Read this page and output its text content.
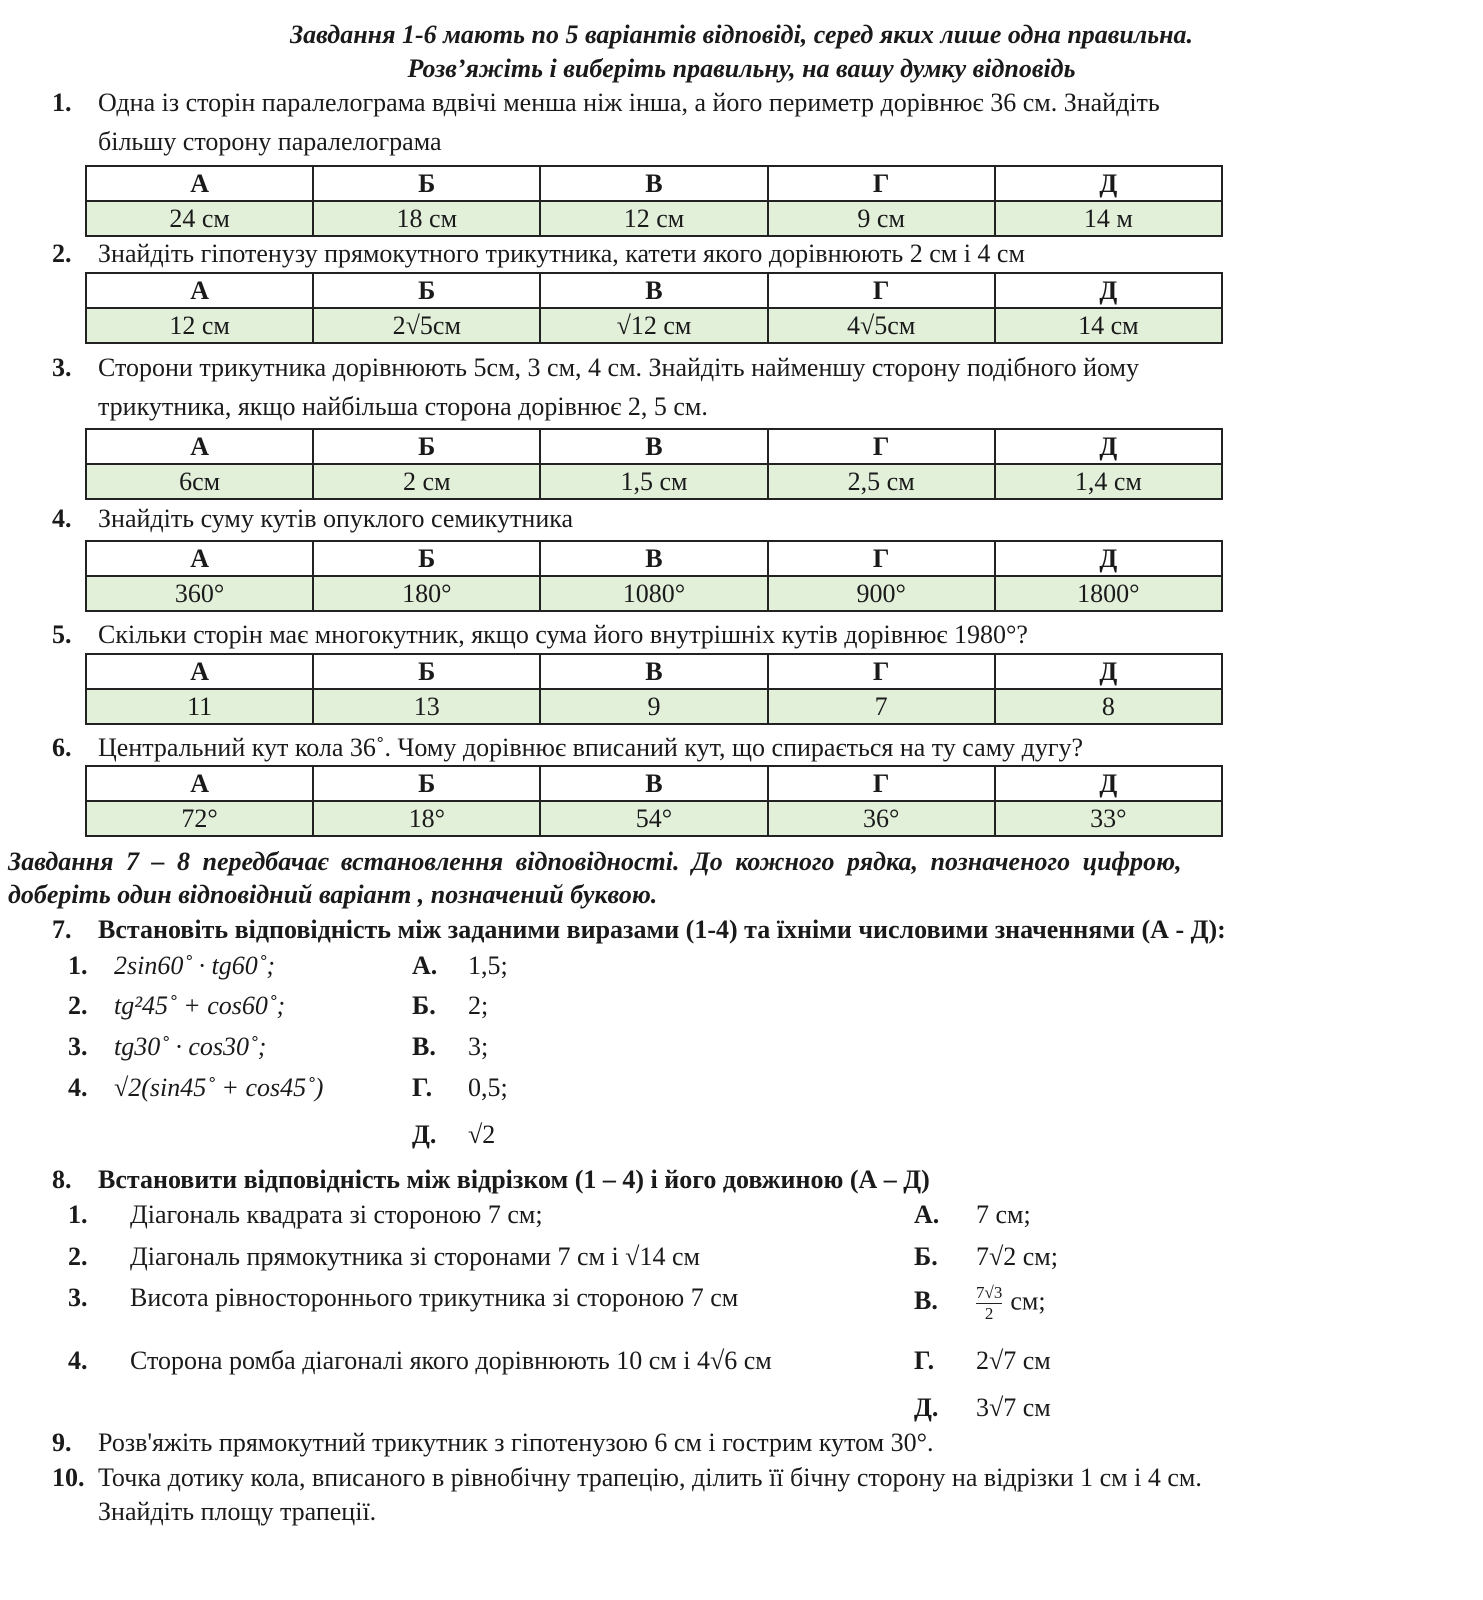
Завдання 1-6 мають по 5 варіантів відповіді, серед яких лише одна правильна.
Розв’яжіть і виберіть правильну, на вашу думку відповідь
1. Одна із сторін паралелограма вдвічі менша ніж інша, а його периметр дорівнює 36 см. Знайдіть
більшу сторону паралелограма
А	Б	В	Г	Д
24 см	18 см	12 см	9 см	14 м
2. Знайдіть гіпотенузу прямокутного трикутника, катети якого дорівнюють 2 см і 4 см
А	Б	В	Г	Д
12 см	2√5см	√12 см	4√5см	14 см
3. Сторони трикутника дорівнюють 5см, 3 см, 4 см. Знайдіть найменшу сторону подібного йому
трикутника, якщо найбільша сторона дорівнює 2, 5 см.
А	Б	В	Г	Д
6см	2 см	1,5 см	2,5 см	1,4 см
4. Знайдіть суму кутів опуклого семикутника
А	Б	В	Г	Д
360°	180°	1080°	900°	1800°
5. Скільки сторін має многокутник, якщо сума його внутрішніх кутів дорівнює 1980°?
А	Б	В	Г	Д
11	13	9	7	8
6. Центральний кут кола 36˚. Чому дорівнює вписаний кут, що спирається на ту саму дугу?
А	Б	В	Г	Д
72°	18°	54°	36°	33°
Завдання 7 – 8 передбачає встановлення відповідності. До кожного рядка, позначеного цифрою,
доберіть один відповідний варіант , позначений буквою.
7. Встановіть відповідність між заданими виразами (1-4) та їхніми числовими значеннями (А - Д):
1. 2sin60˚ · tg60˚;
2. tg²45˚ + cos60˚;
3. tg30˚ · cos30˚;
4. √2(sin45˚ + cos45˚)
А. 1,5;
Б. 2;
В. 3;
Г. 0,5;
Д. √2
8. Встановити відповідність між відрізком (1 – 4) і його довжиною (А – Д)
1. Діагональ квадрата зі стороною 7 см;
2. Діагональ прямокутника зі сторонами 7 см і √14 см
3. Висота рівностороннього трикутника зі стороною 7 см
4. Сторона ромба діагоналі якого дорівнюють 10 см і 4√6 см
А. 7 см;
Б. 7√2 см;
В. $\frac{7√3}{2}$ см;
Г. 2√7 см
Д. 3√7 см
9. Розв'яжіть прямокутний трикутник з гіпотенузою 6 см і гострим кутом 30°.
10. Точка дотику кола, вписаного в рівнобічну трапецію, ділить її бічну сторону на відрізки 1 см і 4 см.
Знайдіть площу трапеції.
